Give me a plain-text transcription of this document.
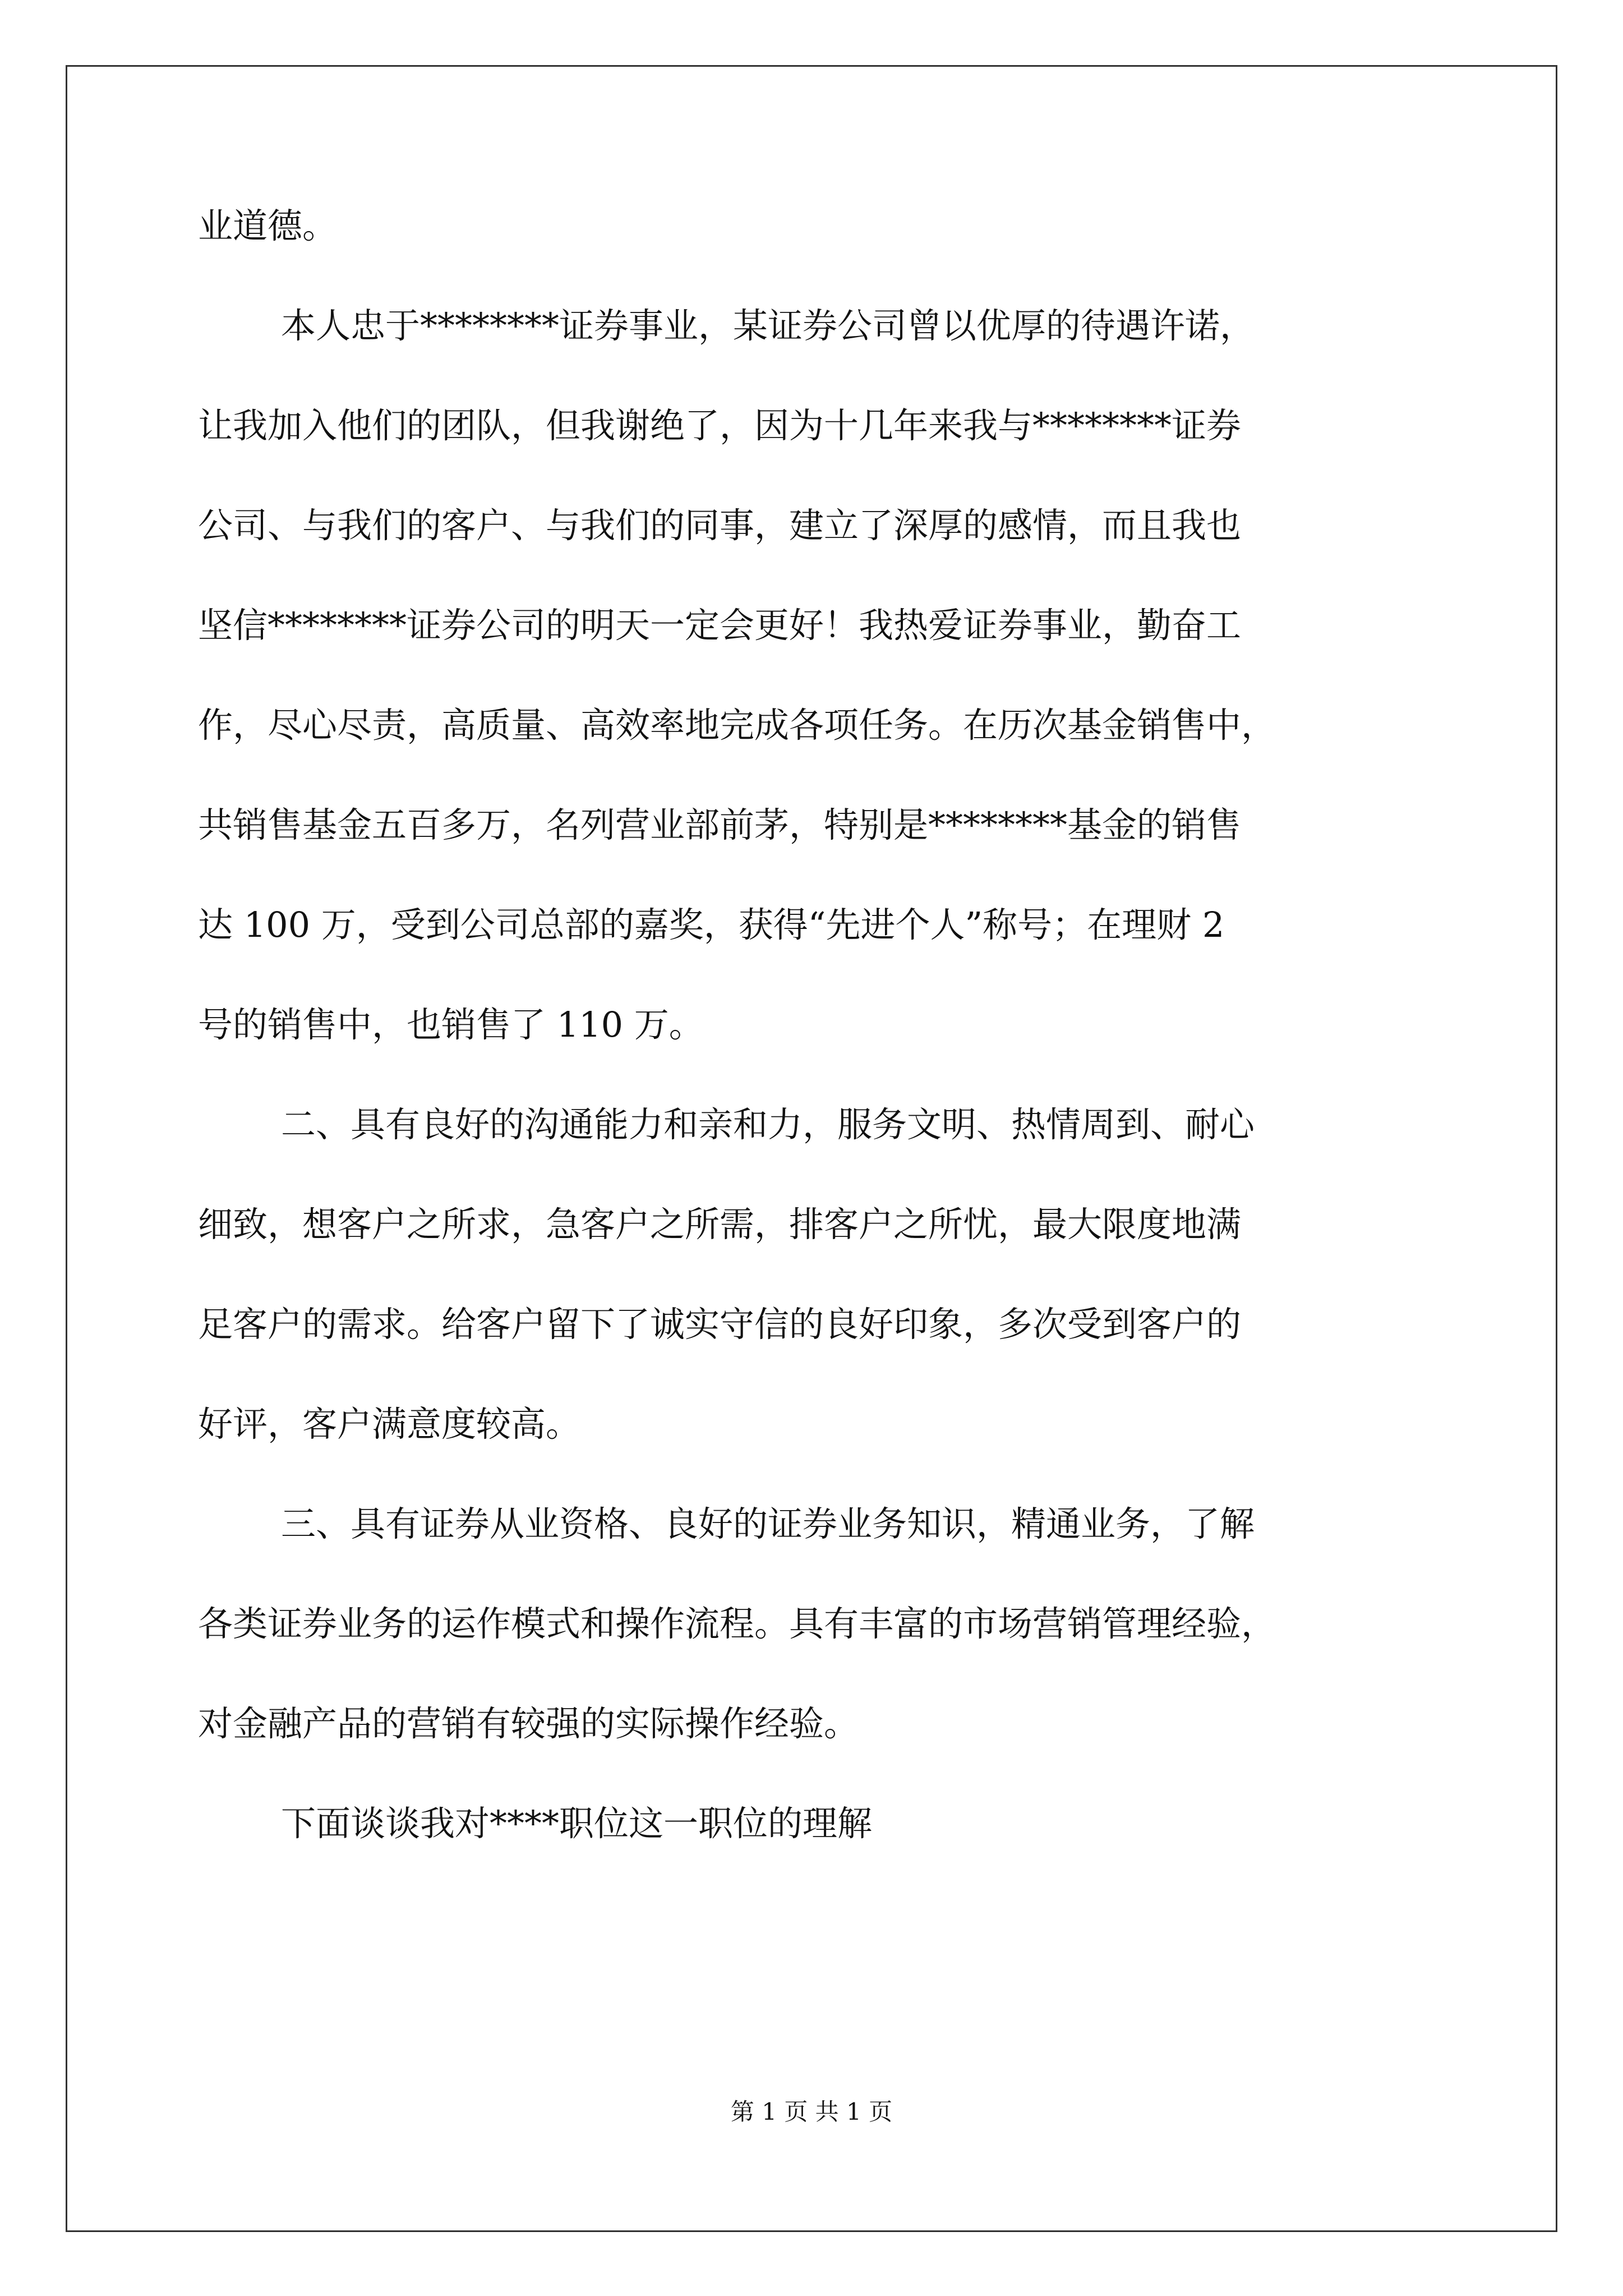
业道德。
本人忠于********证券事业，某证券公司曾以优厚的待遇许诺，
让我加入他们的团队，但我谢绝了，因为十几年来我与********证券
公司、与我们的客户、与我们的同事，建立了深厚的感情，而且我也
坚信********证券公司的明天一定会更好！我热爱证券事业，勤奋工
作，尽心尽责，高质量、高效率地完成各项任务。在历次基金销售中，
共销售基金五百多万，名列营业部前茅，特别是********基金的销售
达 100 万，受到公司总部的嘉奖，获得“先进个人”称号；在理财 2
号的销售中，也销售了 110 万。
二、具有良好的沟通能力和亲和力，服务文明、热情周到、耐心
细致，想客户之所求，急客户之所需，排客户之所忧，最大限度地满
足客户的需求。给客户留下了诚实守信的良好印象，多次受到客户的
好评，客户满意度较高。
三、具有证券从业资格、良好的证券业务知识，精通业务，了解
各类证券业务的运作模式和操作流程。具有丰富的市场营销管理经验，
对金融产品的营销有较强的实际操作经验。
下面谈谈我对****职位这一职位的理解
第 1 页 共 1 页
